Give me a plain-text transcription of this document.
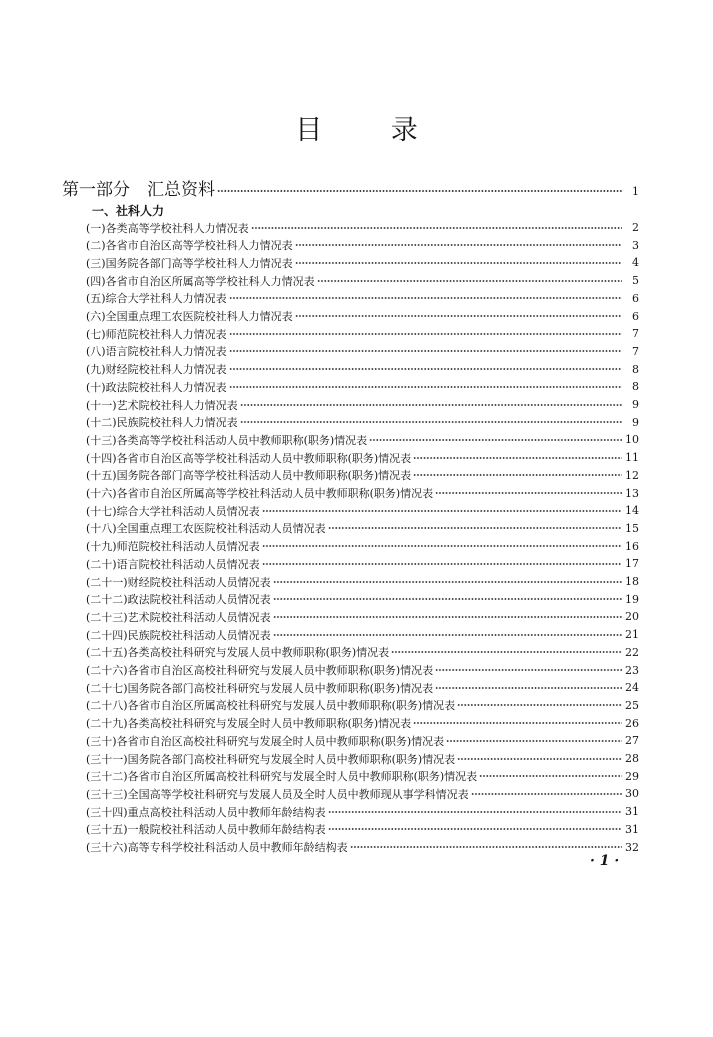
目 录
第一部分　汇总资料	1
一、社科人力
(一)各类高等学校社科人力情况表	2
(二)各省市自治区高等学校社科人力情况表	3
(三)国务院各部门高等学校社科人力情况表	4
(四)各省市自治区所属高等学校社科人力情况表	5
(五)综合大学社科人力情况表	6
(六)全国重点理工农医院校社科人力情况表	6
(七)师范院校社科人力情况表	7
(八)语言院校社科人力情况表	7
(九)财经院校社科人力情况表	8
(十)政法院校社科人力情况表	8
(十一)艺术院校社科人力情况表	9
(十二)民族院校社科人力情况表	9
(十三)各类高等学校社科活动人员中教师职称(职务)情况表	10
(十四)各省市自治区高等学校社科活动人员中教师职称(职务)情况表	11
(十五)国务院各部门高等学校社科活动人员中教师职称(职务)情况表	12
(十六)各省市自治区所属高等学校社科活动人员中教师职称(职务)情况表	13
(十七)综合大学社科活动人员情况表	14
(十八)全国重点理工农医院校社科活动人员情况表	15
(十九)师范院校社科活动人员情况表	16
(二十)语言院校社科活动人员情况表	17
(二十一)财经院校社科活动人员情况表	18
(二十二)政法院校社科活动人员情况表	19
(二十三)艺术院校社科活动人员情况表	20
(二十四)民族院校社科活动人员情况表	21
(二十五)各类高校社科研究与发展人员中教师职称(职务)情况表	22
(二十六)各省市自治区高校社科研究与发展人员中教师职称(职务)情况表	23
(二十七)国务院各部门高校社科研究与发展人员中教师职称(职务)情况表	24
(二十八)各省市自治区所属高校社科研究与发展人员中教师职称(职务)情况表	25
(二十九)各类高校社科研究与发展全时人员中教师职称(职务)情况表	26
(三十)各省市自治区高校社科研究与发展全时人员中教师职称(职务)情况表	27
(三十一)国务院各部门高校社科研究与发展全时人员中教师职称(职务)情况表	28
(三十二)各省市自治区所属高校社科研究与发展全时人员中教师职称(职务)情况表	29
(三十三)全国高等学校社科研究与发展人员及全时人员中教师现从事学科情况表	30
(三十四)重点高校社科活动人员中教师年龄结构表	31
(三十五)一般院校社科活动人员中教师年龄结构表	31
(三十六)高等专科学校社科活动人员中教师年龄结构表	32
· 1 ·
